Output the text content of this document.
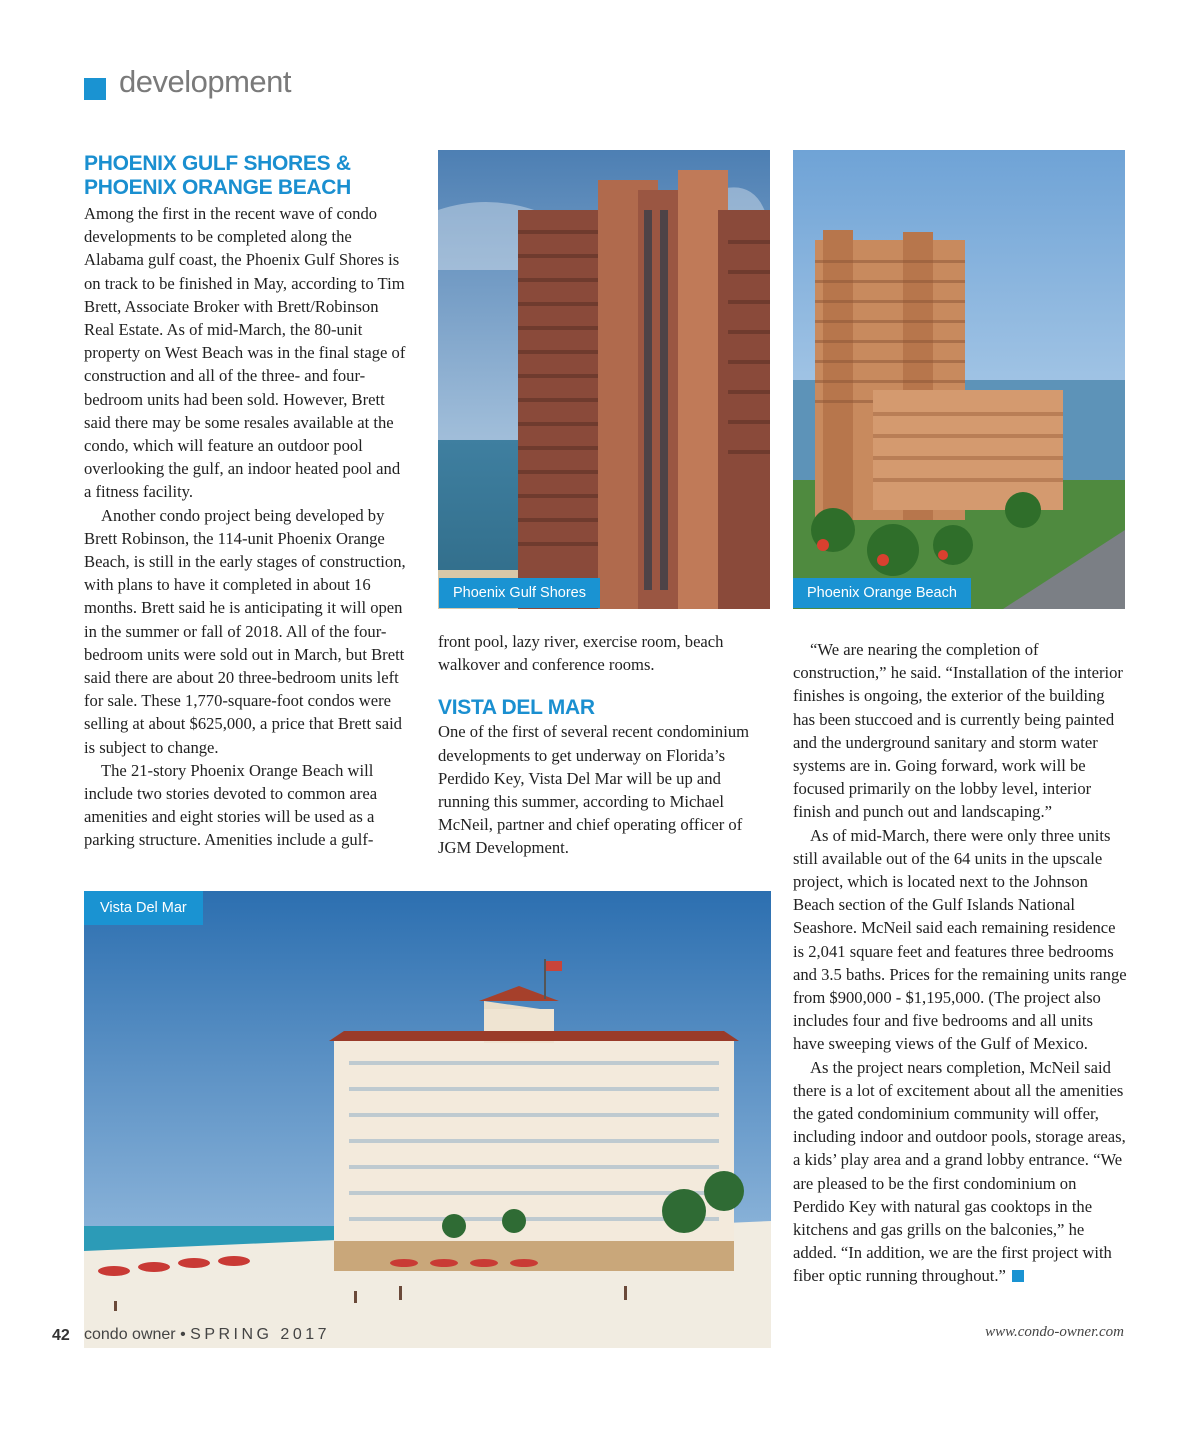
development
PHOENIX GULF SHORES &
PHOENIX ORANGE BEACH

Among the first in the recent wave of condo developments to be completed along the Alabama gulf coast, the Phoenix Gulf Shores is on track to be finished in May, according to Tim Brett, Associate Broker with Brett/Robinson Real Estate. As of mid-March, the 80-unit property on West Beach was in the final stage of construction and all of the three- and four-bedroom units had been sold. However, Brett said there may be some resales available at the condo, which will feature an outdoor pool overlooking the gulf, an indoor heated pool and a fitness facility.

Another condo project being developed by Brett Robinson, the 114-unit Phoenix Orange Beach, is still in the early stages of construction, with plans to have it completed in about 16 months. Brett said he is anticipating it will open in the summer or fall of 2018. All of the four-bedroom units were sold out in March, but Brett said there are about 20 three-bedroom units left for sale. These 1,770-square-foot condos were selling at about $625,000, a price that Brett said is subject to change.

The 21-story Phoenix Orange Beach will include two stories devoted to common area amenities and eight stories will be used as a parking structure. Amenities include a gulf-

Phoenix Gulf Shores	Phoenix Orange Beach

front pool, lazy river, exercise room, beach walkover and conference rooms.

VISTA DEL MAR

One of the first of several recent condominium developments to get underway on Florida’s Perdido Key, Vista Del Mar will be up and running this summer, according to Michael McNeil, partner and chief operating officer of JGM Development.

“We are nearing the completion of construction,” he said. “Installation of the interior finishes is ongoing, the exterior of the building has been stuccoed and is currently being painted and the underground sanitary and storm water systems are in. Going forward, work will be focused primarily on the lobby level, interior finish and punch out and landscaping.”

As of mid-March, there were only three units still available out of the 64 units in the upscale project, which is located next to the Johnson Beach section of the Gulf Islands National Seashore. McNeil said each remaining residence is 2,041 square feet and features three bedrooms and 3.5 baths. Prices for the remaining units range from $900,000 - $1,195,000. (The project also includes four and five bedrooms and all units have sweeping views of the Gulf of Mexico.

As the project nears completion, McNeil said there is a lot of excitement about all the amenities the gated condominium community will offer, including indoor and outdoor pools, storage areas, a kids’ play area and a grand lobby entrance. “We are pleased to be the first condominium on Perdido Key with natural gas cooktops in the kitchens and gas grills on the balconies,” he added. “In addition, we are the first project with fiber optic running throughout.”

Vista Del Mar
42 condo owner • SPRING 2017	www.condo-owner.com
